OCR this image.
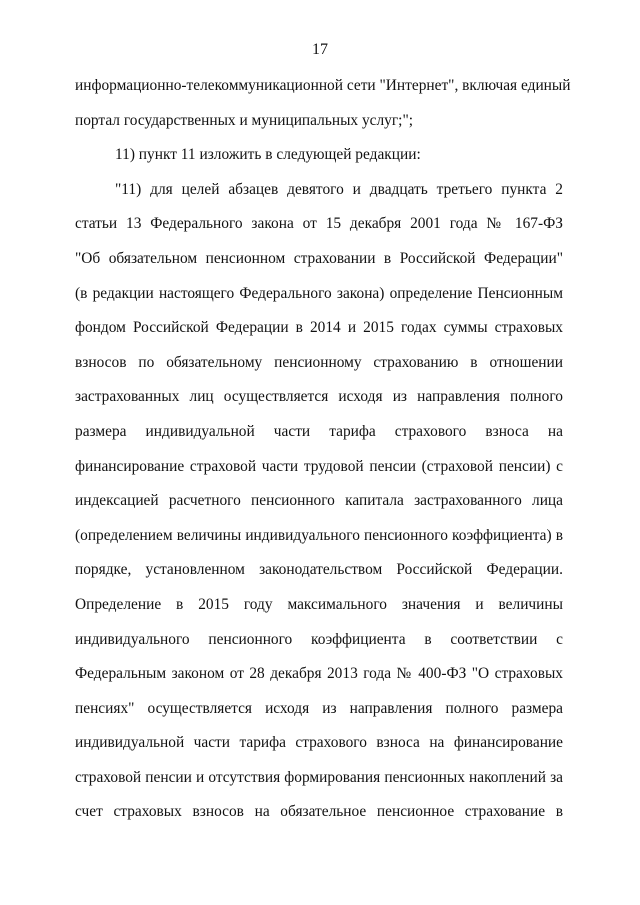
17
информационно-телекоммуникационной сети "Интернет", включая единый
портал государственных и муниципальных услуг;";
11) пункт 11 изложить в следующей редакции:
"11) для целей абзацев девятого и двадцать третьего пункта 2
статьи 13 Федерального закона от 15 декабря 2001 года № 167-ФЗ
"Об обязательном пенсионном страховании в Российской Федерации"
(в редакции настоящего Федерального закона) определение Пенсионным
фондом Российской Федерации в 2014 и 2015 годах суммы страховых
взносов по обязательному пенсионному страхованию в отношении
застрахованных лиц осуществляется исходя из направления полного
размера индивидуальной части тарифа страхового взноса на
финансирование страховой части трудовой пенсии (страховой пенсии) с
индексацией расчетного пенсионного капитала застрахованного лица
(определением величины индивидуального пенсионного коэффициента) в
порядке, установленном законодательством Российской Федерации.
Определение в 2015 году максимального значения и величины
индивидуального пенсионного коэффициента в соответствии с
Федеральным законом от 28 декабря 2013 года № 400-ФЗ "О страховых
пенсиях" осуществляется исходя из направления полного размера
индивидуальной части тарифа страхового взноса на финансирование
страховой пенсии и отсутствия формирования пенсионных накоплений за
счет страховых взносов на обязательное пенсионное страхование в
